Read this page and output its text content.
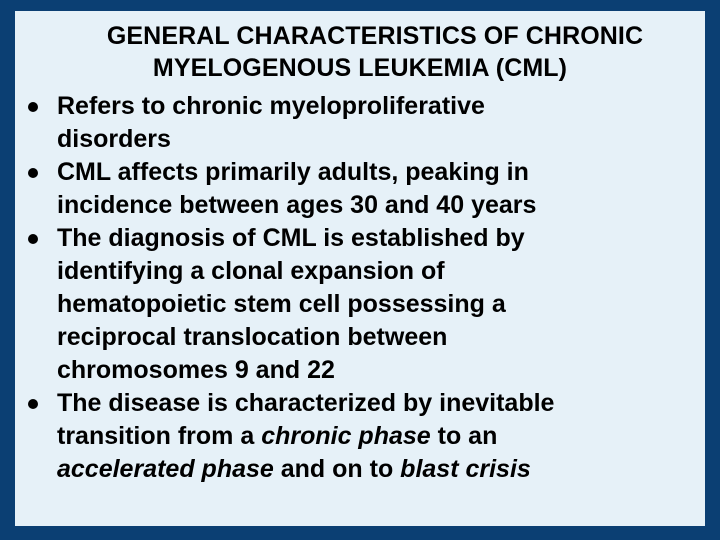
GENERAL CHARACTERISTICS OF CHRONIC
MYELOGENOUS LEUKEMIA (CML)
Refers to chronic myeloproliferative
disorders
CML affects primarily adults, peaking in
incidence between ages 30 and 40 years
The diagnosis of CML is established by
identifying a clonal expansion of
hematopoietic stem cell possessing a
reciprocal translocation between
chromosomes 9 and 22
The disease is characterized by inevitable
transition from a chronic phase to an
accelerated phase and on to blast crisis
